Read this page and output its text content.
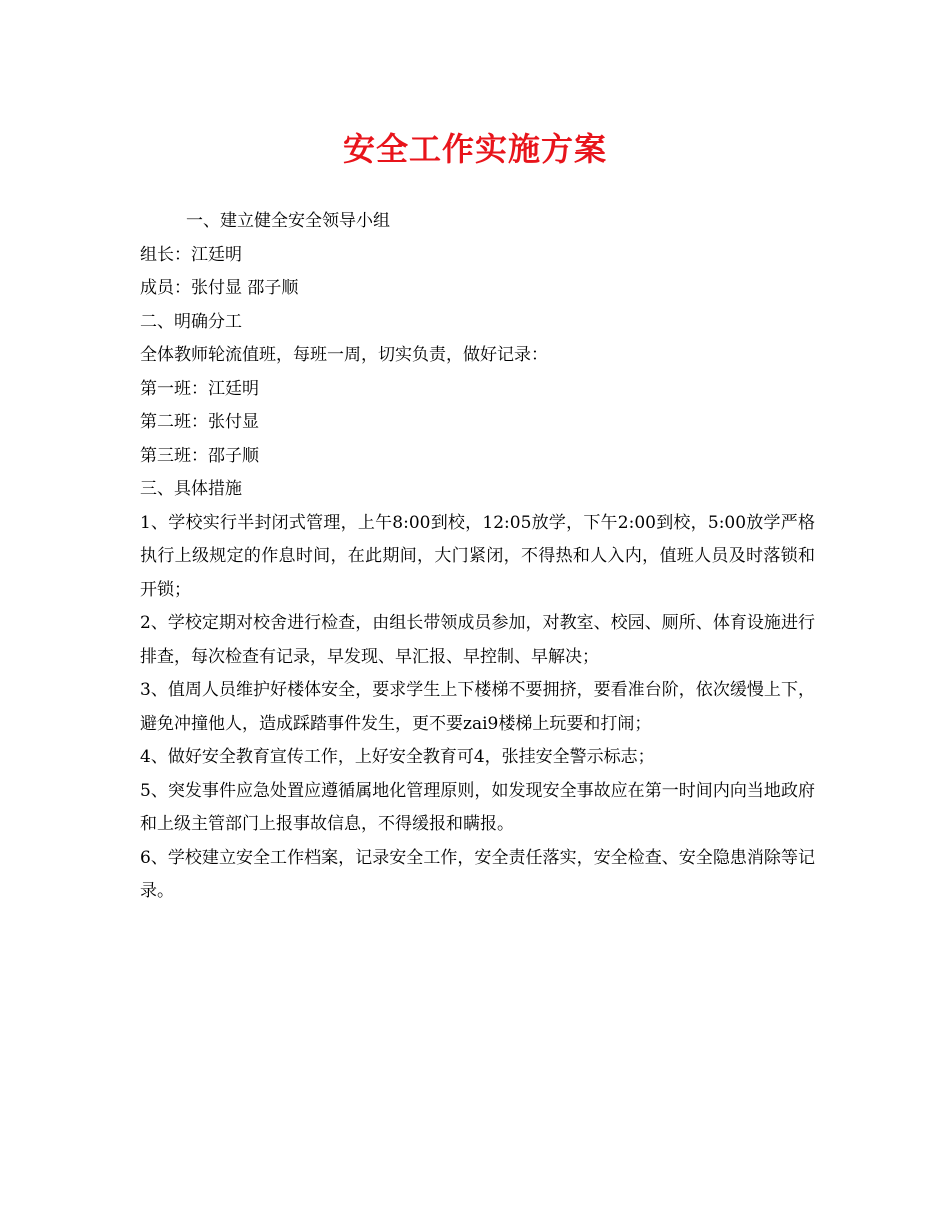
安全工作实施方案

一、建立健全安全领导小组

组长：江廷明

成员：张付显 邵子顺

二、明确分工

全体教师轮流值班，每班一周，切实负责，做好记录：

第一班：江廷明

第二班：张付显

第三班：邵子顺

三、具体措施

1、学校实行半封闭式管理，上午8:00到校，12:05放学，下午2:00到校，5:00放学严格执行上级规定的作息时间，在此期间，大门紧闭，不得热和人入内，值班人员及时落锁和开锁；

2、学校定期对校舍进行检查，由组长带领成员参加，对教室、校园、厕所、体育设施进行排查，每次检查有记录，早发现、早汇报、早控制、早解决；

3、值周人员维护好楼体安全，要求学生上下楼梯不要拥挤，要看准台阶，依次缓慢上下，避免冲撞他人，造成踩踏事件发生，更不要zai9楼梯上玩要和打闹；

4、做好安全教育宣传工作，上好安全教育可4，张挂安全警示标志；

5、突发事件应急处置应遵循属地化管理原则，如发现安全事故应在第一时间内向当地政府和上级主管部门上报事故信息，不得缓报和瞒报。

6、学校建立安全工作档案，记录安全工作，安全责任落实，安全检查、安全隐患消除等记录。
